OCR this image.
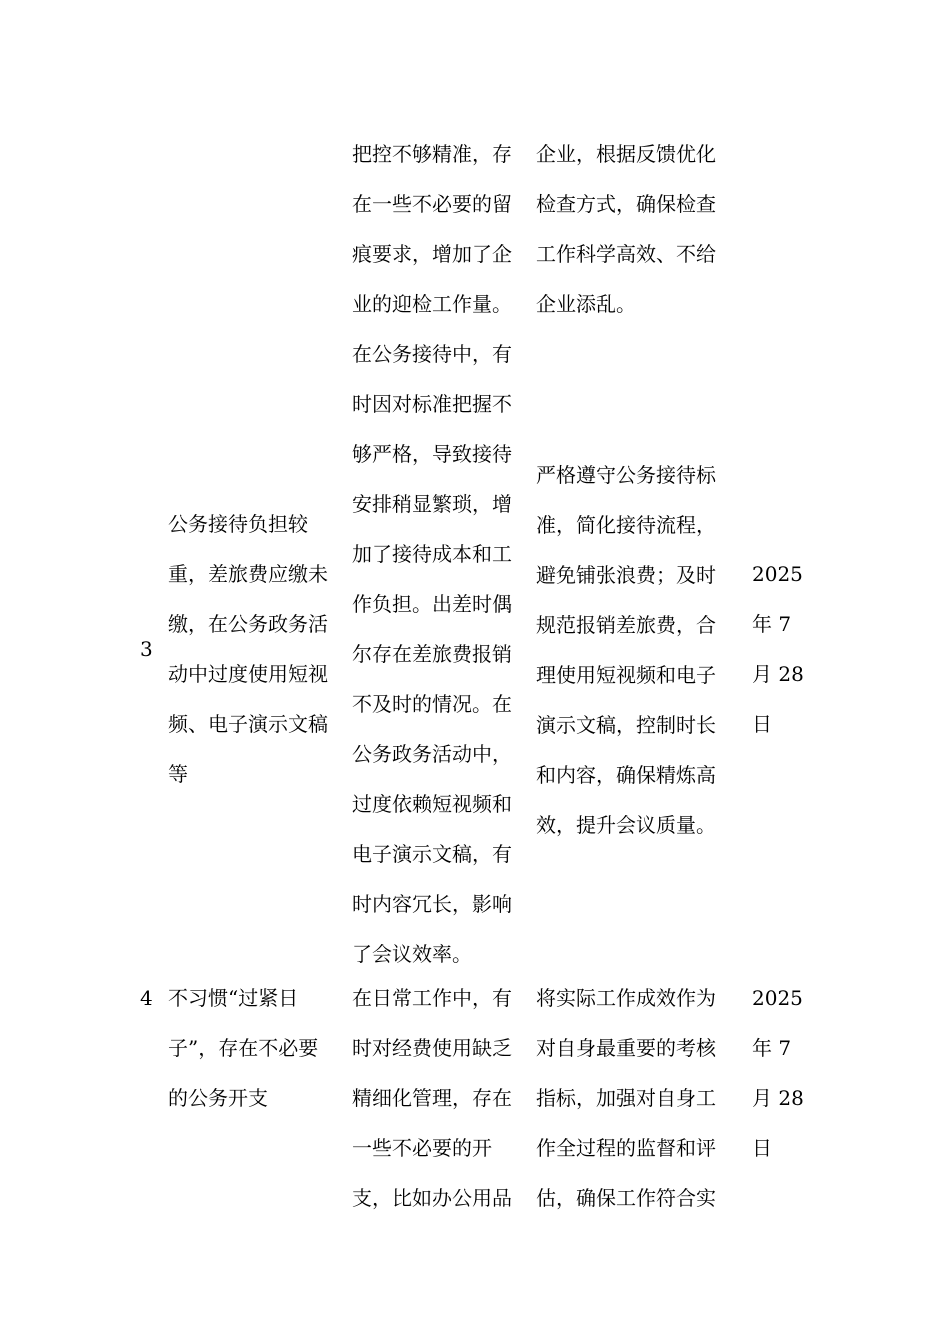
把控不够精准，存
在一些不必要的留
痕要求，增加了企
业的迎检工作量。
企业，根据反馈优化
检查方式，确保检查
工作科学高效、不给
企业添乱。
3
公务接待负担较
重，差旅费应缴未
缴，在公务政务活
动中过度使用短视
频、电子演示文稿
等
在公务接待中，有
时因对标准把握不
够严格，导致接待
安排稍显繁琐，增
加了接待成本和工
作负担。出差时偶
尔存在差旅费报销
不及时的情况。在
公务政务活动中，
过度依赖短视频和
电子演示文稿，有
时内容冗长，影响
了会议效率。
严格遵守公务接待标
准，简化接待流程，
避免铺张浪费；及时
规范报销差旅费，合
理使用短视频和电子
演示文稿，控制时长
和内容，确保精炼高
效，提升会议质量。
2025
年 7
月 28
日
4 不习惯“过紧日
子”，存在不必要
的公务开支
在日常工作中，有
时对经费使用缺乏
精细化管理，存在
一些不必要的开
支，比如办公用品
将实际工作成效作为
对自身最重要的考核
指标，加强对自身工
作全过程的监督和评
估，确保工作符合实
2025
年 7
月 28
日
